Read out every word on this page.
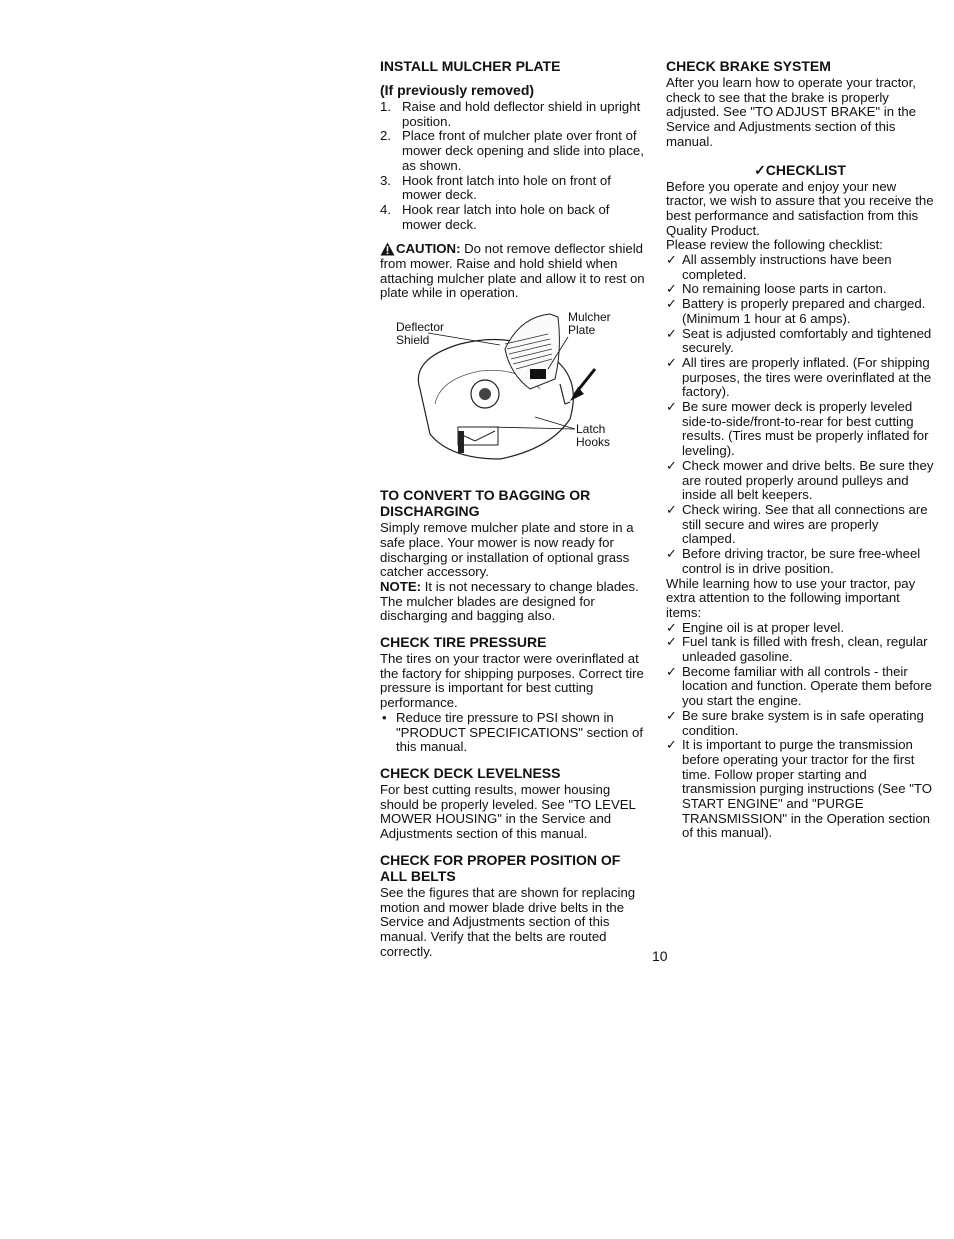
INSTALL MULCHER PLATE
(If previously removed)
1. Raise and hold deflector shield in upright position.
2. Place front of mulcher plate over front of mower deck opening and slide into place, as shown.
3. Hook front latch into hole on front of mower deck.
4. Hook rear latch into hole on back of mower deck.

CAUTION: Do not remove deflector shield from mower. Raise and hold shield when attaching mulcher plate and allow it to rest on plate while in operation.

Deflector Shield
Mulcher Plate
Latch Hooks
TO CONVERT TO BAGGING OR DISCHARGING

Simply remove mulcher plate and store in a safe place. Your mower is now ready for discharging or installation of optional grass catcher accessory.

NOTE: It is not necessary to change blades. The mulcher blades are designed for discharging and bagging also.

CHECK TIRE PRESSURE

The tires on your tractor were overinflated at the factory for shipping purposes. Correct tire pressure is important for best cutting performance.

• Reduce tire pressure to PSI shown in "PRODUCT SPECIFICATIONS" section of this manual.
CHECK DECK LEVELNESS

For best cutting results, mower housing should be properly leveled. See "TO LEVEL MOWER HOUSING" in the Service and Adjustments section of this manual.

CHECK FOR PROPER POSITION OF ALL BELTS

See the figures that are shown for replacing motion and mower blade drive belts in the Service and Adjustments section of this manual. Verify that the belts are routed correctly.

CHECK BRAKE SYSTEM

After you learn how to operate your tractor, check to see that the brake is properly adjusted. See "TO ADJUST BRAKE" in the Service and Adjustments section of this manual.

✓CHECKLIST

Before you operate and enjoy your new tractor, we wish to assure that you receive the best performance and satisfaction from this Quality Product.

Please review the following checklist:

✓ All assembly instructions have been completed.
✓ No remaining loose parts in carton.
✓ Battery is properly prepared and charged. (Minimum 1 hour at 6 amps).
✓ Seat is adjusted comfortably and tightened securely.
✓ All tires are properly inflated. (For shipping purposes, the tires were overinflated at the factory).
✓ Be sure mower deck is properly leveled side-to-side/front-to-rear for best cutting results. (Tires must be properly inflated for leveling).
✓ Check mower and drive belts. Be sure they are routed properly around pulleys and inside all belt keepers.
✓ Check wiring. See that all connections are still secure and wires are properly clamped.
✓ Before driving tractor, be sure free-wheel control is in drive position.

While learning how to use your tractor, pay extra attention to the following important items:

✓ Engine oil is at proper level.
✓ Fuel tank is filled with fresh, clean, regular unleaded gasoline.
✓ Become familiar with all controls - their location and function. Operate them before you start the engine.
✓ Be sure brake system is in safe operating condition.
✓ It is important to purge the transmission before operating your tractor for the first time. Follow proper starting and transmission purging instructions (See "TO START ENGINE" and "PURGE TRANSMISSION" in the Operation section of this manual).
10
